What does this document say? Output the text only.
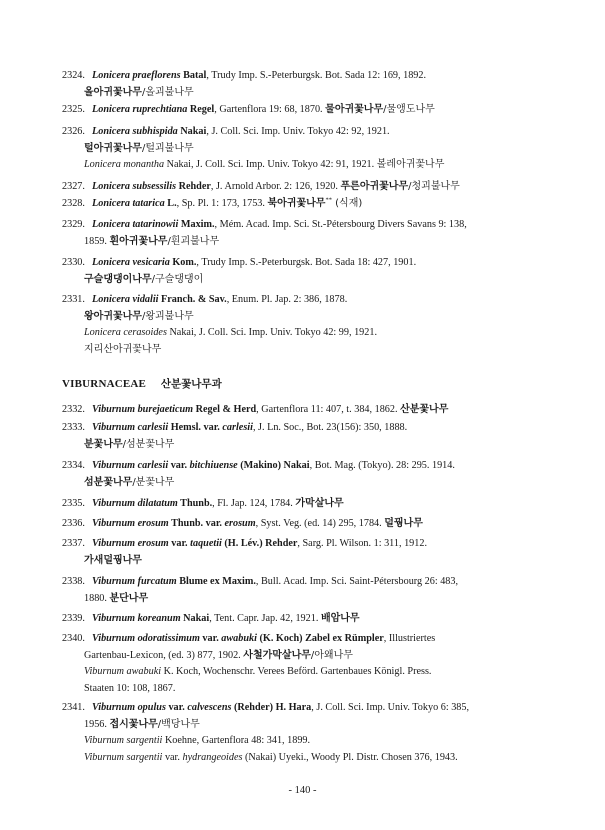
2324. Lonicera praeflorens Batal, Trudy Imp. S.-Peterburgsk. Bot. Sada 12: 169, 1892.
올아귀꽃나무/올괴불나무
2325. Lonicera ruprechtiana Regel, Gartenflora 19: 68, 1870. 물아귀꽃나무/물앵도나무
2326. Lonicera subhispida Nakai, J. Coll. Sci. Imp. Univ. Tokyo 42: 92, 1921.
털아귀꽃나무/털괴불나무
Lonicera monantha Nakai, J. Coll. Sci. Imp. Univ. Tokyo 42: 91, 1921. 볼레아귀꽃나무
2327. Lonicera subsessilis Rehder, J. Arnold Arbor. 2: 126, 1920. 푸른아귀꽃나무/청괴불나무
2328. Lonicera tatarica L., Sp. Pl. 1: 173, 1753. 북아귀꽃나무** (식재)
2329. Lonicera tatarinowii Maxim., Mém. Acad. Imp. Sci. St.-Pétersbourg Divers Savans 9: 138,
1859. 흰아귀꽃나무/흰괴불나무
2330. Lonicera vesicaria Kom., Trudy Imp. S.-Peterburgsk. Bot. Sada 18: 427, 1901.
구슬댕댕이나무/구슬댕댕이
2331. Lonicera vidalii Franch. & Sav., Enum. Pl. Jap. 2: 386, 1878.
왕아귀꽃나무/왕괴불나무
Lonicera cerasoides Nakai, J. Coll. Sci. Imp. Univ. Tokyo 42: 99, 1921.
지리산아귀꽃나무
VIBURNACEAE 산분꽃나무과
2332. Viburnum burejaeticum Regel & Herd, Gartenflora 11: 407, t. 384, 1862. 산분꽃나무
2333. Viburnum carlesii Hemsl. var. carlesii, J. Ln. Soc., Bot. 23(156): 350, 1888.
분꽃나무/섬분꽃나무
2334. Viburnum carlesii var. bitchiuense (Makino) Nakai, Bot. Mag. (Tokyo). 28: 295. 1914.
섬분꽃나무/분꽃나무
2335. Viburnum dilatatum Thunb., Fl. Jap. 124, 1784. 가막살나무
2336. Viburnum erosum Thunb. var. erosum, Syst. Veg. (ed. 14) 295, 1784. 덜꿩나무
2337. Viburnum erosum var. taquetii (H. Lév.) Rehder, Sarg. Pl. Wilson. 1: 311, 1912.
가새덜꿩나무
2338. Viburnum furcatum Blume ex Maxim., Bull. Acad. Imp. Sci. Saint-Pétersbourg 26: 483,
1880. 분단나무
2339. Viburnum koreanum Nakai, Tent. Capr. Jap. 42, 1921. 배암나무
2340. Viburnum odoratissimum var. awabuki (K. Koch) Zabel ex Rümpler, Illustriertes
Gartenbau-Lexicon, (ed. 3) 877, 1902. 사철가막살나무/아왜나무
Viburnum awabuki K. Koch, Wochenschr. Verees Beförd. Gartenbaues Königl. Press.
Staaten 10: 108, 1867.
2341. Viburnum opulus var. calvescens (Rehder) H. Hara, J. Coll. Sci. Imp. Univ. Tokyo 6: 385,
1956. 접시꽃나무/백당나무
Viburnum sargentii Koehne, Gartenflora 48: 341, 1899.
Viburnum sargentii var. hydrangeoides (Nakai) Uyeki., Woody Pl. Distr. Chosen 376, 1943.
- 140 -
